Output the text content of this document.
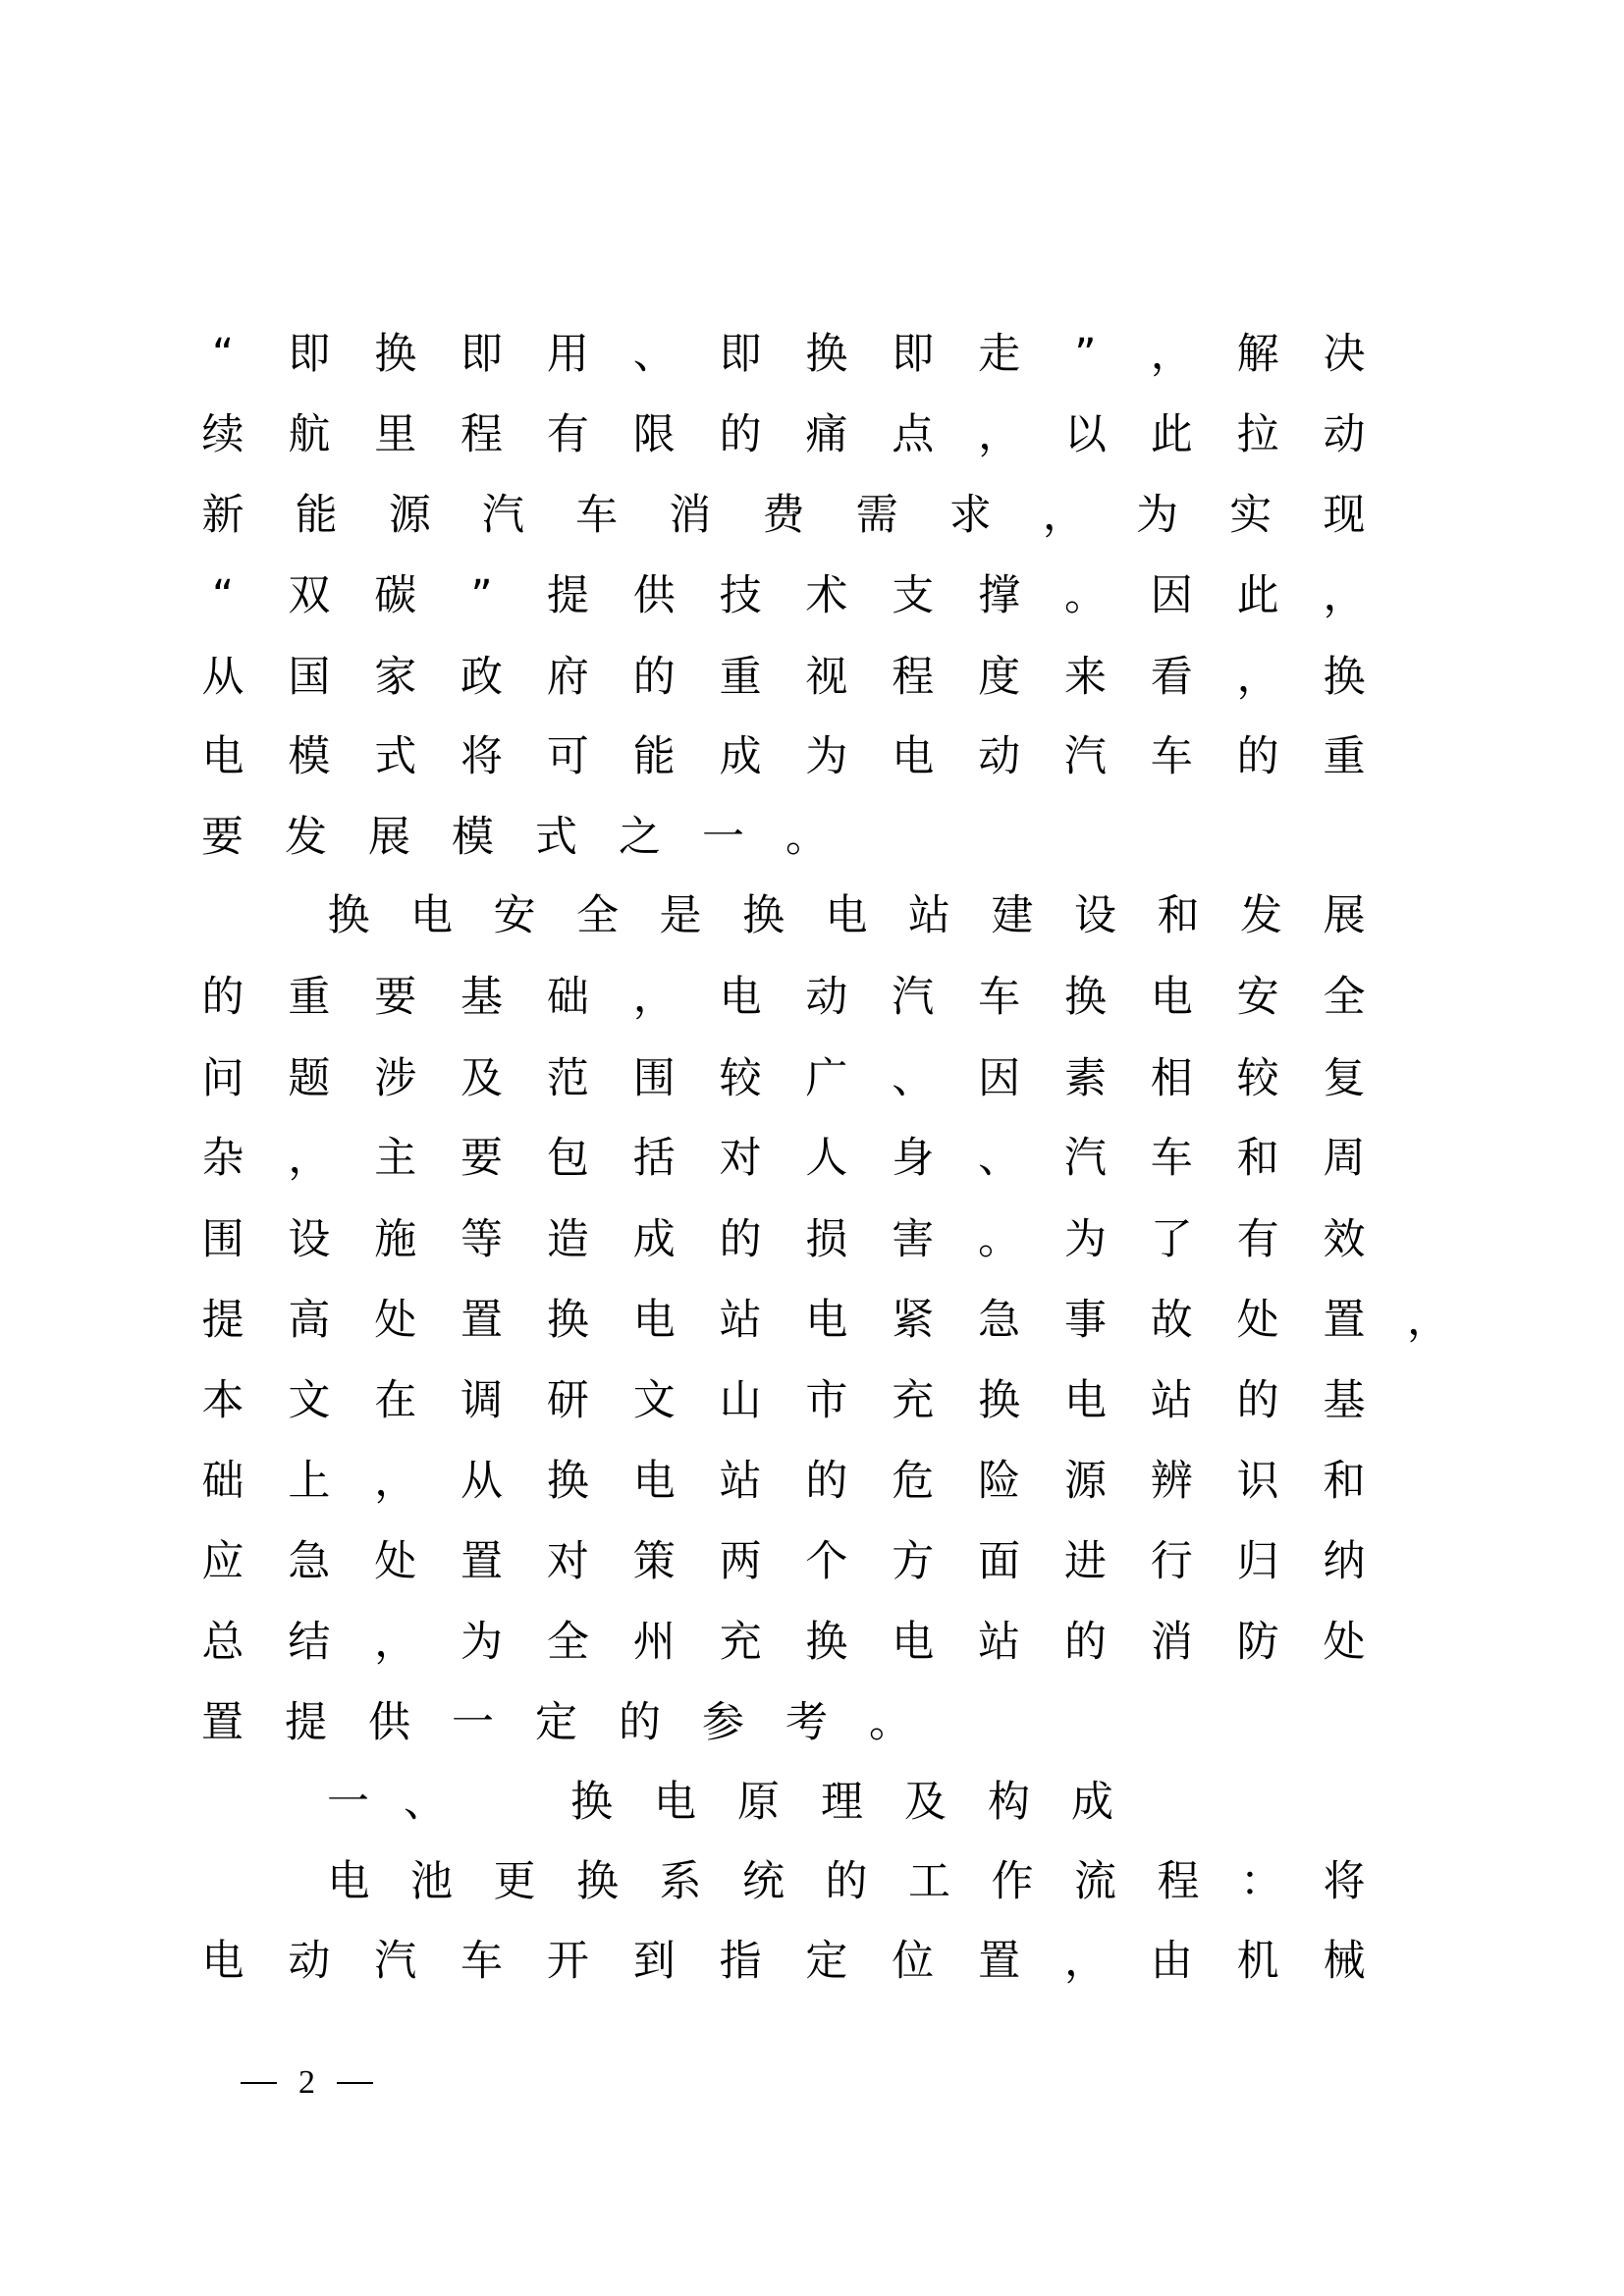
“ 即 换 即 用 、 即 换 即 走 ” ， 解 决
续 航 里 程 有 限 的 痛 点 ， 以 此 拉 动
新 能 源 汽 车 消 费 需 求 ， 为 实 现
“ 双 碳 ” 提 供 技 术 支 撑 。 因 此 ，
从 国 家 政 府 的 重 视 程 度 来 看 ， 换
电 模 式 将 可 能 成 为 电 动 汽 车 的 重
要 发 展 模 式 之 一 。
换 电 安 全 是 换 电 站 建 设 和 发 展
的 重 要 基 础 ， 电 动 汽 车 换 电 安 全
问 题 涉 及 范 围 较 广 、 因 素 相 较 复
杂 ， 主 要 包 括 对 人 身 、 汽 车 和 周
围 设 施 等 造 成 的 损 害 。 为 了 有 效
提 高 处 置 换 电 站 电 紧 急 事 故 处 置 ，
本 文 在 调 研 文 山 市 充 换 电 站 的 基
础 上 ， 从 换 电 站 的 危 险 源 辨 识 和
应 急 处 置 对 策 两 个 方 面 进 行 归 纳
总 结 ， 为 全 州 充 换 电 站 的 消 防 处
置 提 供 一 定 的 参 考 。
一 、	换 电 原 理 及 构 成
电 池 更 换 系 统 的 工 作 流 程 ： 将
电 动 汽 车 开 到 指 定 位 置 ， 由 机 械
2
